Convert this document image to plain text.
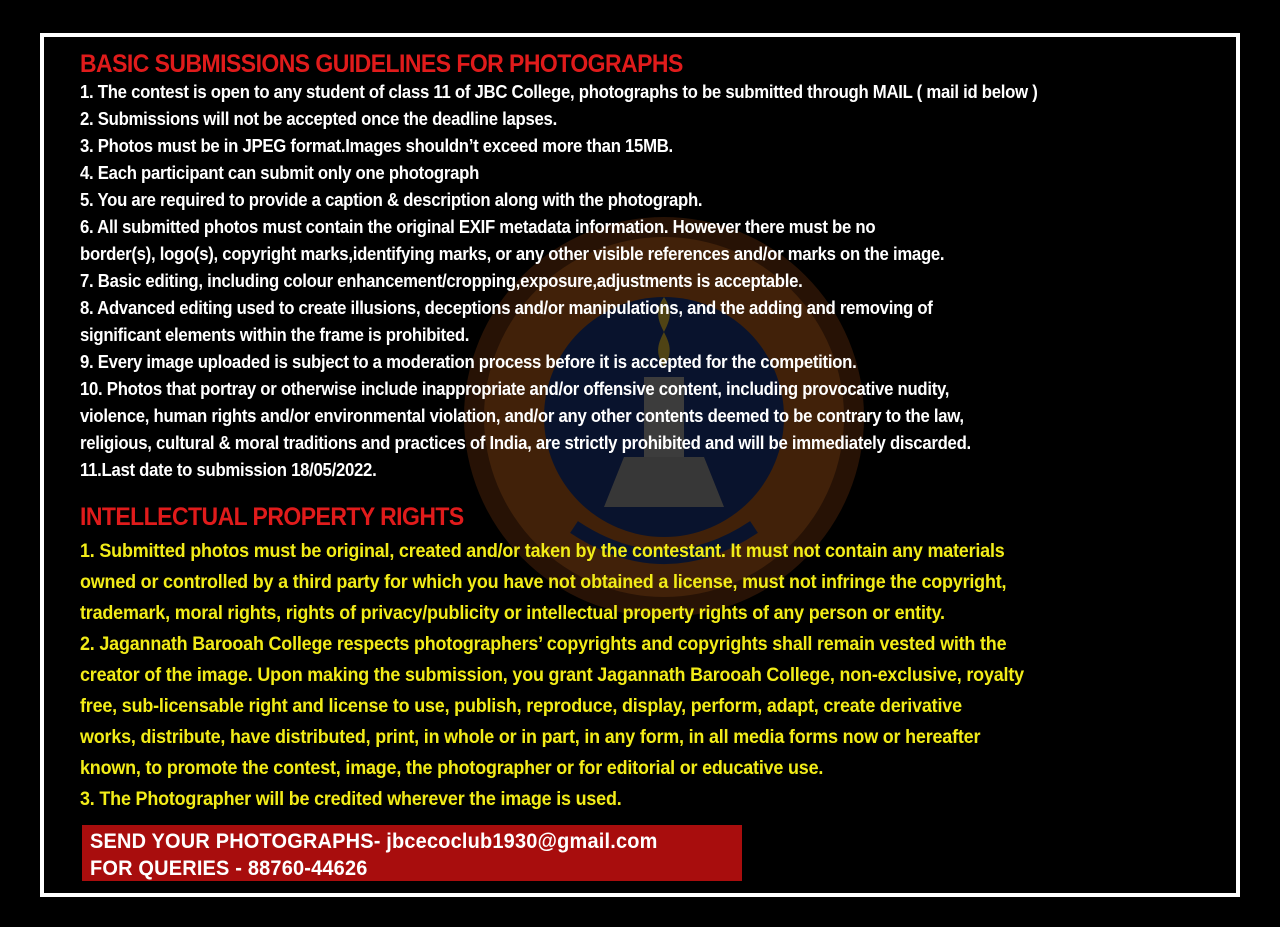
BASIC SUBMISSIONS GUIDELINES FOR PHOTOGRAPHS

1. The contest is open to any student of class 11 of JBC College, photographs to be submitted through MAIL ( mail id below )

2. Submissions will not be accepted once the deadline lapses.

3. Photos must be in JPEG format.Images shouldn’t exceed more than 15MB.

4. Each participant can submit only one photograph

5. You are required to provide a caption & description along with the photograph.

6. All submitted photos must contain the original EXIF metadata information. However there must be no

border(s), logo(s), copyright marks,identifying marks, or any other visible references and/or marks on the image.

7. Basic editing, including colour enhancement/cropping,exposure,adjustments is acceptable.

8. Advanced editing used to create illusions, deceptions and/or manipulations, and the adding and removing of

significant elements within the frame is prohibited.

9. Every image uploaded is subject to a moderation process before it is accepted for the competition.

10. Photos that portray or otherwise include inappropriate and/or offensive content, including provocative nudity,

violence, human rights and/or environmental violation, and/or any other contents deemed to be contrary to the law,

religious, cultural & moral traditions and practices of India, are strictly prohibited and will be immediately discarded.

11.Last date to submission 18/05/2022.

INTELLECTUAL PROPERTY RIGHTS

1. Submitted photos must be original, created and/or taken by the contestant. It must not contain any materials

owned or controlled by a third party for which you have not obtained a license, must not infringe the copyright,

trademark, moral rights, rights of privacy/publicity or intellectual property rights of any person or entity.

2. Jagannath Barooah College respects photographers’ copyrights and copyrights shall remain vested with the

creator of the image. Upon making the submission, you grant Jagannath Barooah College, non-exclusive, royalty

free, sub-licensable right and license to use, publish, reproduce, display, perform, adapt, create derivative

works, distribute, have distributed, print, in whole or in part, in any form, in all media forms now or hereafter

known, to promote the contest, image, the photographer or for editorial or educative use.

3. The Photographer will be credited wherever the image is used.

SEND YOUR PHOTOGRAPHS- jbcecoclub1930@gmail.com

FOR QUERIES - 88760-44626
